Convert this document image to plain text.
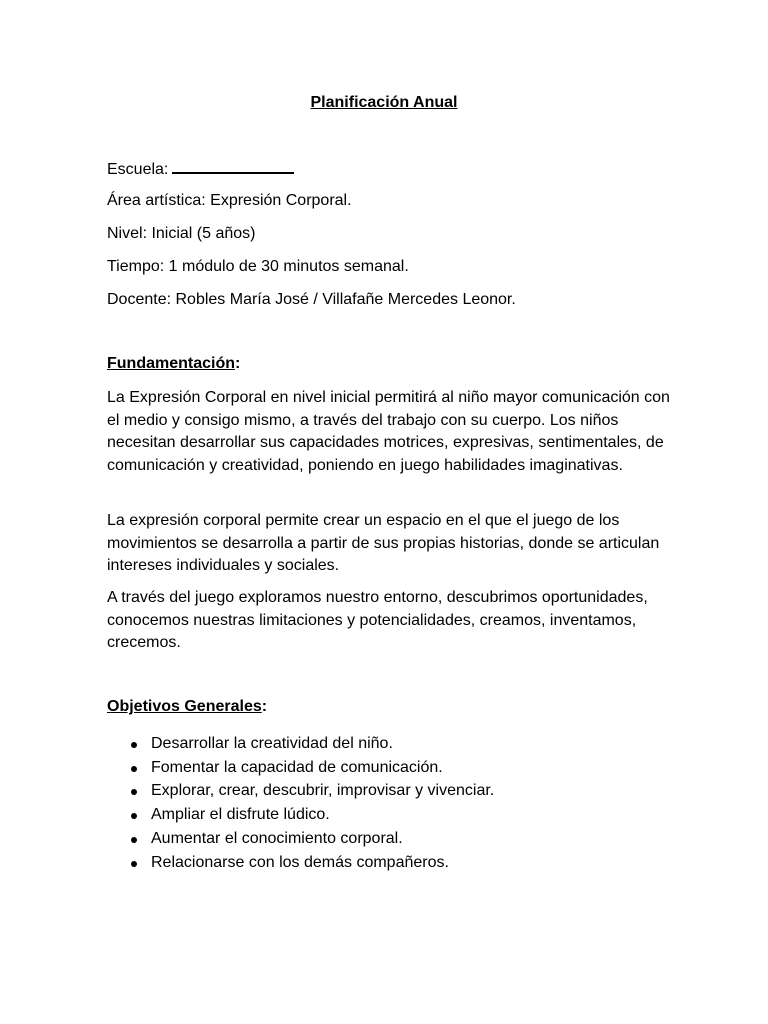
Planificación Anual
Escuela:
Área artística: Expresión Corporal.
Nivel: Inicial (5 años)
Tiempo: 1 módulo de 30 minutos semanal.
Docente: Robles María José / Villafañe Mercedes Leonor.
Fundamentación:
La Expresión Corporal en nivel inicial permitirá al niño mayor comunicación con el medio y consigo mismo, a través del trabajo con su cuerpo. Los niños necesitan desarrollar sus capacidades motrices, expresivas, sentimentales, de comunicación y creatividad, poniendo en juego habilidades imaginativas.
La expresión corporal permite crear un espacio en el que el juego de los movimientos se desarrolla a partir de sus propias historias, donde se articulan intereses individuales y sociales.
A través del juego exploramos nuestro entorno, descubrimos oportunidades, conocemos nuestras limitaciones y potencialidades, creamos, inventamos, crecemos.
Objetivos Generales:
Desarrollar la creatividad del niño.
Fomentar la capacidad de comunicación.
Explorar, crear, descubrir, improvisar y vivenciar.
Ampliar el disfrute lúdico.
Aumentar el conocimiento corporal.
Relacionarse con los demás compañeros.
